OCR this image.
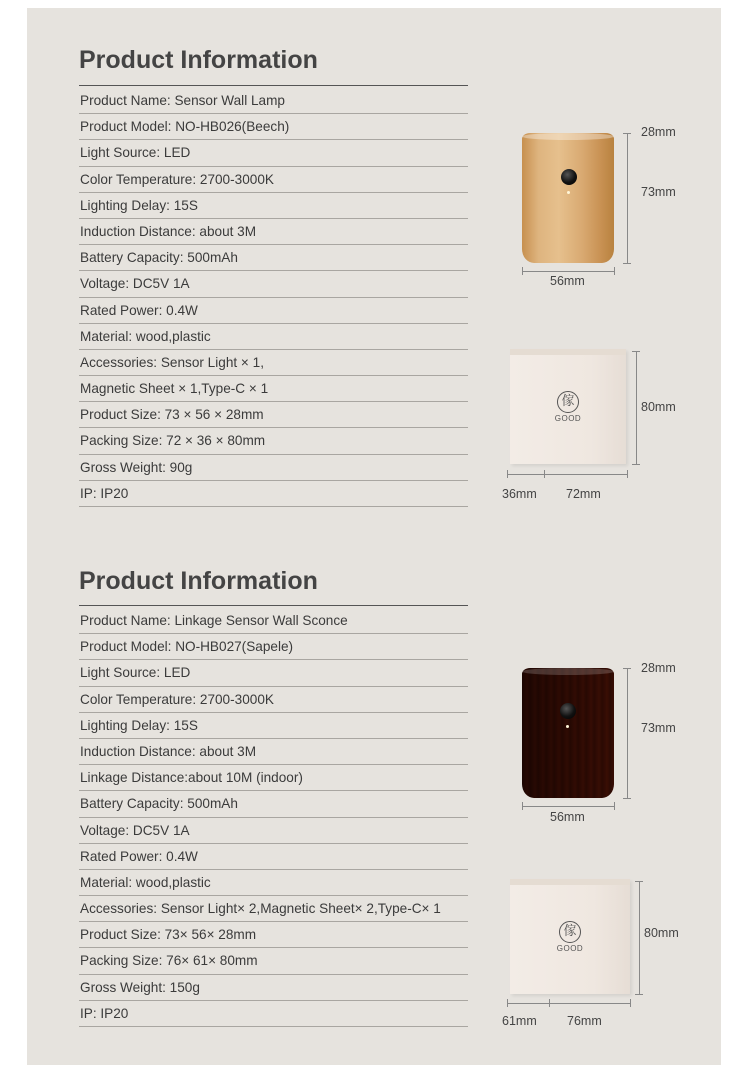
Product Information
Product Name: Sensor Wall Lamp
Product Model: NO-HB026(Beech)
Light Source: LED
Color Temperature: 2700-3000K
Lighting Delay: 15S
Induction Distance: about 3M
Battery Capacity: 500mAh
Voltage: DC5V 1A
Rated Power: 0.4W
Material: wood,plastic
Accessories: Sensor Light × 1,
Magnetic Sheet × 1,Type-C × 1
Product Size: 73 × 56 × 28mm
Packing Size: 72 × 36 × 80mm
Gross Weight: 90g
IP: IP20
28mm
73mm
56mm
傢
GOOD
80mm
36mm 72mm
Product Information
Product Name: Linkage Sensor Wall Sconce
Product Model: NO-HB027(Sapele)
Light Source: LED
Color Temperature: 2700-3000K
Lighting Delay: 15S
Induction Distance: about 3M
Linkage Distance:about 10M (indoor)
Battery Capacity: 500mAh
Voltage: DC5V 1A
Rated Power: 0.4W
Material: wood,plastic
Accessories: Sensor Light× 2,Magnetic Sheet× 2,Type-C× 1
Product Size: 73× 56× 28mm
Packing Size: 76× 61× 80mm
Gross Weight: 150g
IP: IP20
28mm
73mm
56mm
傢
GOOD
80mm
61mm 76mm
